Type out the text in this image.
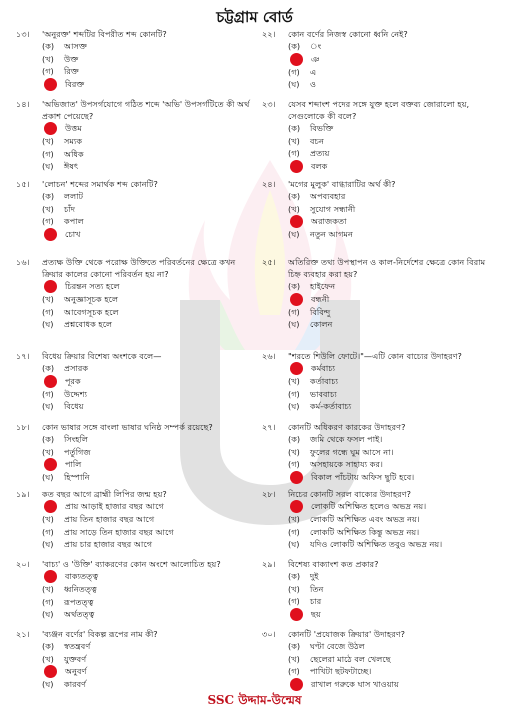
চট্টগ্রাম বোর্ড
১৩।	'অনুরক্ত' শব্দটির বিপরীত শব্দ কোনটি?
(ক)	আসক্ত
(খ)	উক্ত
(গ)	রিক্ত
বিরক্ত
১৪।	'অভিজাত' উপসর্গযোগে গঠিত শব্দে 'অভি' উপসর্গটিতে কী অর্থ প্রকাশ পেয়েছে?
উত্তম
(খ)	সম্যক
(গ)	অধিক
(ঘ)	ঈষৎ
১৫।	'লোচন' শব্দের সমার্থক শব্দ কোনটি?
(ক)	ললাট
(খ)	চাঁদ
(গ)	কপাল
চোখ
১৬।	প্রত্যক্ষ উক্তি থেকে পরোক্ষ উক্তিতে পরিবর্তনের ক্ষেত্রে কখন ক্রিয়ার কালের কোনো পরিবর্তন হয় না?
চিরন্তন সত্য হলে
(খ)	অনুজ্ঞাসূচক হলে
(গ)	আবেগসূচক হলে
(ঘ)	প্রশ্নবোধক হলে
১৭।	বিধেয় ক্রিয়ার বিশেষ্য অংশকে বলে—
(ক)	প্রসারক
পূরক
(গ)	উদ্দেশ্য
(ঘ)	বিধেয়
১৮।	কোন ভাষার সঙ্গে বাংলা ভাষার ঘনিষ্ঠ সম্পর্ক রয়েছে?
(ক)	সিংহলি
(খ)	পর্তুগিজ
পালি
(ঘ)	হিস্পানি
১৯।	কত বছর আগে ব্রাহ্মী লিপির জন্ম হয়?
প্রায় আড়াই হাজার বছর আগে
(খ)	প্রায় তিন হাজার বছর আগে
(গ)	প্রায় সাড়ে তিন হাজার বছর আগে
(ঘ)	প্রায় চার হাজার বছর আগে
২০।	'বাচ্য' ও 'উক্তি' ব্যাকরণের কোন অংশে আলোচিত হয়?
বাক্যতত্ত্ব
(খ)	ধ্বনিতত্ত্ব
(গ)	রূপতত্ত্ব
(ঘ)	অর্থতত্ত্ব
২১।	'ব্যঞ্জন বর্ণের' বিকল্প রূপের নাম কী?
(ক)	স্বতন্ত্রবর্ণ
(খ)	যুক্তবর্ণ
অনুবর্ণ
(ঘ)	কারবর্ণ
২২।	কোন বর্ণের নিজস্ব কোনো ধ্বনি নেই?
(ক)	ং
ঞ
(গ)	এ
(ঘ)	ও
২৩।	যেসব শব্দাংশ পদের সঙ্গে যুক্ত হলে বক্তব্য জোরালো হয়, সেগুলোকে কী বলে?
(ক)	বিভক্তি
(খ)	বচন
(গ)	প্রত্যয়
বলক
২৪।	'মগের মুলুক' বাগ্ধারাটির অর্থ কী?
(ক)	অপব্যবহার
(খ)	সুযোগ সন্ধানী
অরাজকতা
(ঘ)	নতুন আগমন
২৫।	অতিরিক্ত তথ্য উপস্থাপন ও কাল-নির্দেশের ক্ষেত্রে কোন বিরাম চিহ্ন ব্যবহার করা হয়?
(ক)	হাইফেন
বন্ধনী
(গ)	বিবিন্দু
(ঘ)	কোলন
২৬।	"শরতে শিউলি ফোটে।"—এটি কোন বাচ্যের উদাহরণ?
কর্মবাচ্য
(খ)	কর্তাবাচ্য
(গ)	ভাববাচ্য
(ঘ)	কর্ম-কর্তাবাচ্য
২৭।	কোনটি অধিকরণ কারকের উদাহরণ?
(ক)	জমি থেকে ফসল পাই।
(খ)	ফুলের গন্ধে ঘুম আসে না।
(গ)	অসহায়কে সাহায্য কর।
বিকাল পাঁচটায় অফিস ছুটি হবে।
২৮।	নিচের কোনটি সরল বাক্যের উদাহরণ?
লোকটি অশিক্ষিত হলেও অভদ্র নয়।
(খ)	লোকটি অশিক্ষিত এবং অভদ্র নয়।
(গ)	লোকটি অশিক্ষিত কিন্তু অভদ্র নয়।
(ঘ)	যদিও লোকটি অশিক্ষিত তবুও অভদ্র নয়।
২৯।	বিশেষ্য বাক্যাংশ কত প্রকার?
(ক)	দুই
(খ)	তিন
(গ)	চার
ছয়
৩০।	কোনটি 'প্রযোজক ক্রিয়ার' উদাহরণ?
(ক)	ঘণ্টা বেজে উঠল
(খ)	ছেলেরা মাঠে বল খেলছে
(গ)	পাখিটা ছটফটাচ্ছে।
রাখাল গরুকে ঘাস খাওয়ায়
SSC উদ্দাম-উন্মেষ
